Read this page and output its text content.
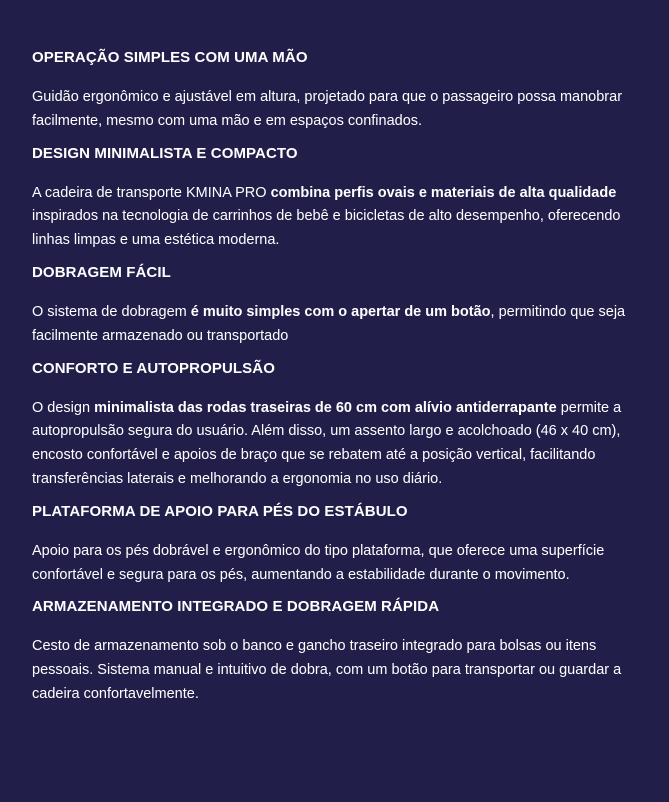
OPERAÇÃO SIMPLES COM UMA MÃO

Guidão ergonômico e ajustável em altura, projetado para que o passageiro possa manobrar facilmente, mesmo com uma mão e em espaços confinados.

DESIGN MINIMALISTA E COMPACTO

A cadeira de transporte KMINA PRO combina perfis ovais e materiais de alta qualidade inspirados na tecnologia de carrinhos de bebê e bicicletas de alto desempenho, oferecendo linhas limpas e uma estética moderna.

DOBRAGEM FÁCIL

O sistema de dobragem é muito simples com o apertar de um botão, permitindo que seja facilmente armazenado ou transportado

CONFORTO E AUTOPROPULSÃO

O design minimalista das rodas traseiras de 60 cm com alívio antiderrapante permite a autopropulsão segura do usuário. Além disso, um assento largo e acolchoado (46 x 40 cm), encosto confortável e apoios de braço que se rebatem até a posição vertical, facilitando transferências laterais e melhorando a ergonomia no uso diário.

PLATAFORMA DE APOIO PARA PÉS DO ESTÁBULO

Apoio para os pés dobrável e ergonômico do tipo plataforma, que oferece uma superfície confortável e segura para os pés, aumentando a estabilidade durante o movimento.

ARMAZENAMENTO INTEGRADO E DOBRAGEM RÁPIDA

Cesto de armazenamento sob o banco e gancho traseiro integrado para bolsas ou itens pessoais. Sistema manual e intuitivo de dobra, com um botão para transportar ou guardar a cadeira confortavelmente.
